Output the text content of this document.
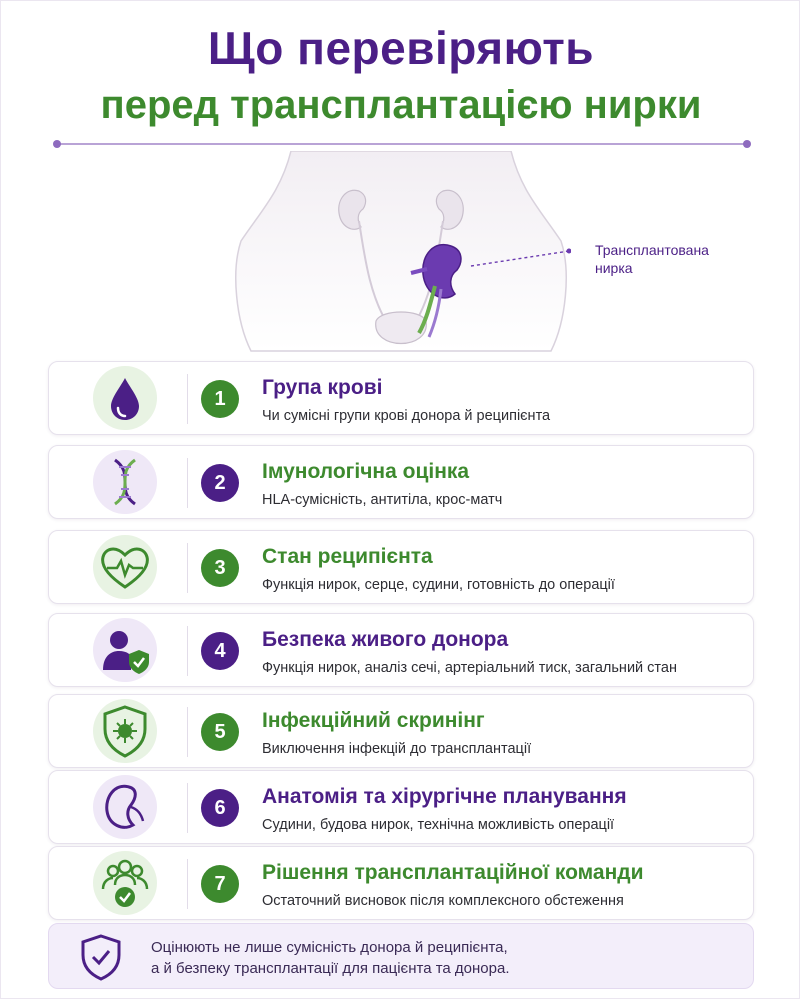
Що перевіряють
перед трансплантацією нирки
Трансплантована
нирка
1	Група крові
Чи сумісні групи крові донора й реципієнта
2	Імунологічна оцінка
HLA-сумісність, антитіла, крос-матч
3	Стан реципієнта
Функція нирок, серце, судини, готовність до операції
4	Безпека живого донора
Функція нирок, аналіз сечі, артеріальний тиск, загальний стан
5	Інфекційний скринінг
Виключення інфекцій до трансплантації
6	Анатомія та хірургічне планування
Судини, будова нирок, технічна можливість операції
7	Рішення трансплантаційної команди
Остаточний висновок після комплексного обстеження
Оцінюють не лише сумісність донора й реципієнта,
а й безпеку трансплантації для пацієнта та донора.
